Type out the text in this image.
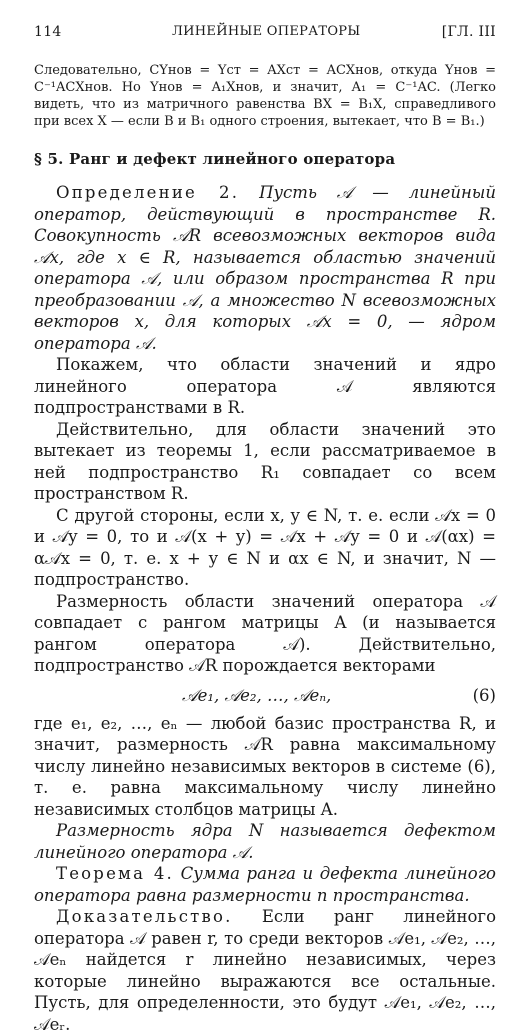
114	ЛИНЕЙНЫЕ ОПЕРАТОРЫ	[ГЛ. III

Следовательно, CYнов = Yст = AXст = ACXнов, откуда Yнов = C⁻¹ACXнов. Но Yнов = A₁Xнов, и значит, A₁ = C⁻¹AC. (Легко видеть, что из матричного равенства BX = B₁X, справедливого при всех X — если B и B₁ одного строения, вытекает, что B = B₁.)

§ 5. Ранг и дефект линейного оператора

Определение 2. Пусть 𝒜 — линейный оператор, действующий в пространстве R. Совокупность 𝒜R всевозможных векторов вида 𝒜x, где x ∈ R, называется областью значений оператора 𝒜, или образом пространства R при преобразовании 𝒜, а множество N всевозможных векторов x, для которых 𝒜x = 0, — ядром оператора 𝒜.

Покажем, что области значений и ядро линейного оператора 𝒜 являются подпространствами в R.

Действительно, для области значений это вытекает из теоремы 1, если рассматриваемое в ней подпространство R₁ совпадает со всем пространством R.

С другой стороны, если x, y ∈ N, т. е. если 𝒜x = 0 и 𝒜y = 0, то и 𝒜(x + y) = 𝒜x + 𝒜y = 0 и 𝒜(αx) = α𝒜x = 0, т. е. x + y ∈ N и αx ∈ N, и значит, N — подпространство.

Размерность области значений оператора 𝒜 совпадает с рангом матрицы A (и называется рангом оператора 𝒜). Действительно, подпространство 𝒜R порождается векторами

𝒜e₁, 𝒜e₂, …, 𝒜eₙ,	(6)

где e₁, e₂, …, eₙ — любой базис пространства R, и значит, размерность 𝒜R равна максимальному числу линейно независимых векторов в системе (6), т. е. равна максимальному числу линейно независимых столбцов матрицы A.

Размерность ядра N называется дефектом линейного оператора 𝒜.

Теорема 4. Сумма ранга и дефекта линейного оператора равна размерности n пространства.

Доказательство. Если ранг линейного оператора 𝒜 равен r, то среди векторов 𝒜e₁, 𝒜e₂, …, 𝒜eₙ найдется r линейно независимых, через которые линейно выражаются все остальные. Пусть, для определенности, это будут 𝒜e₁, 𝒜e₂, …, 𝒜eᵣ.
